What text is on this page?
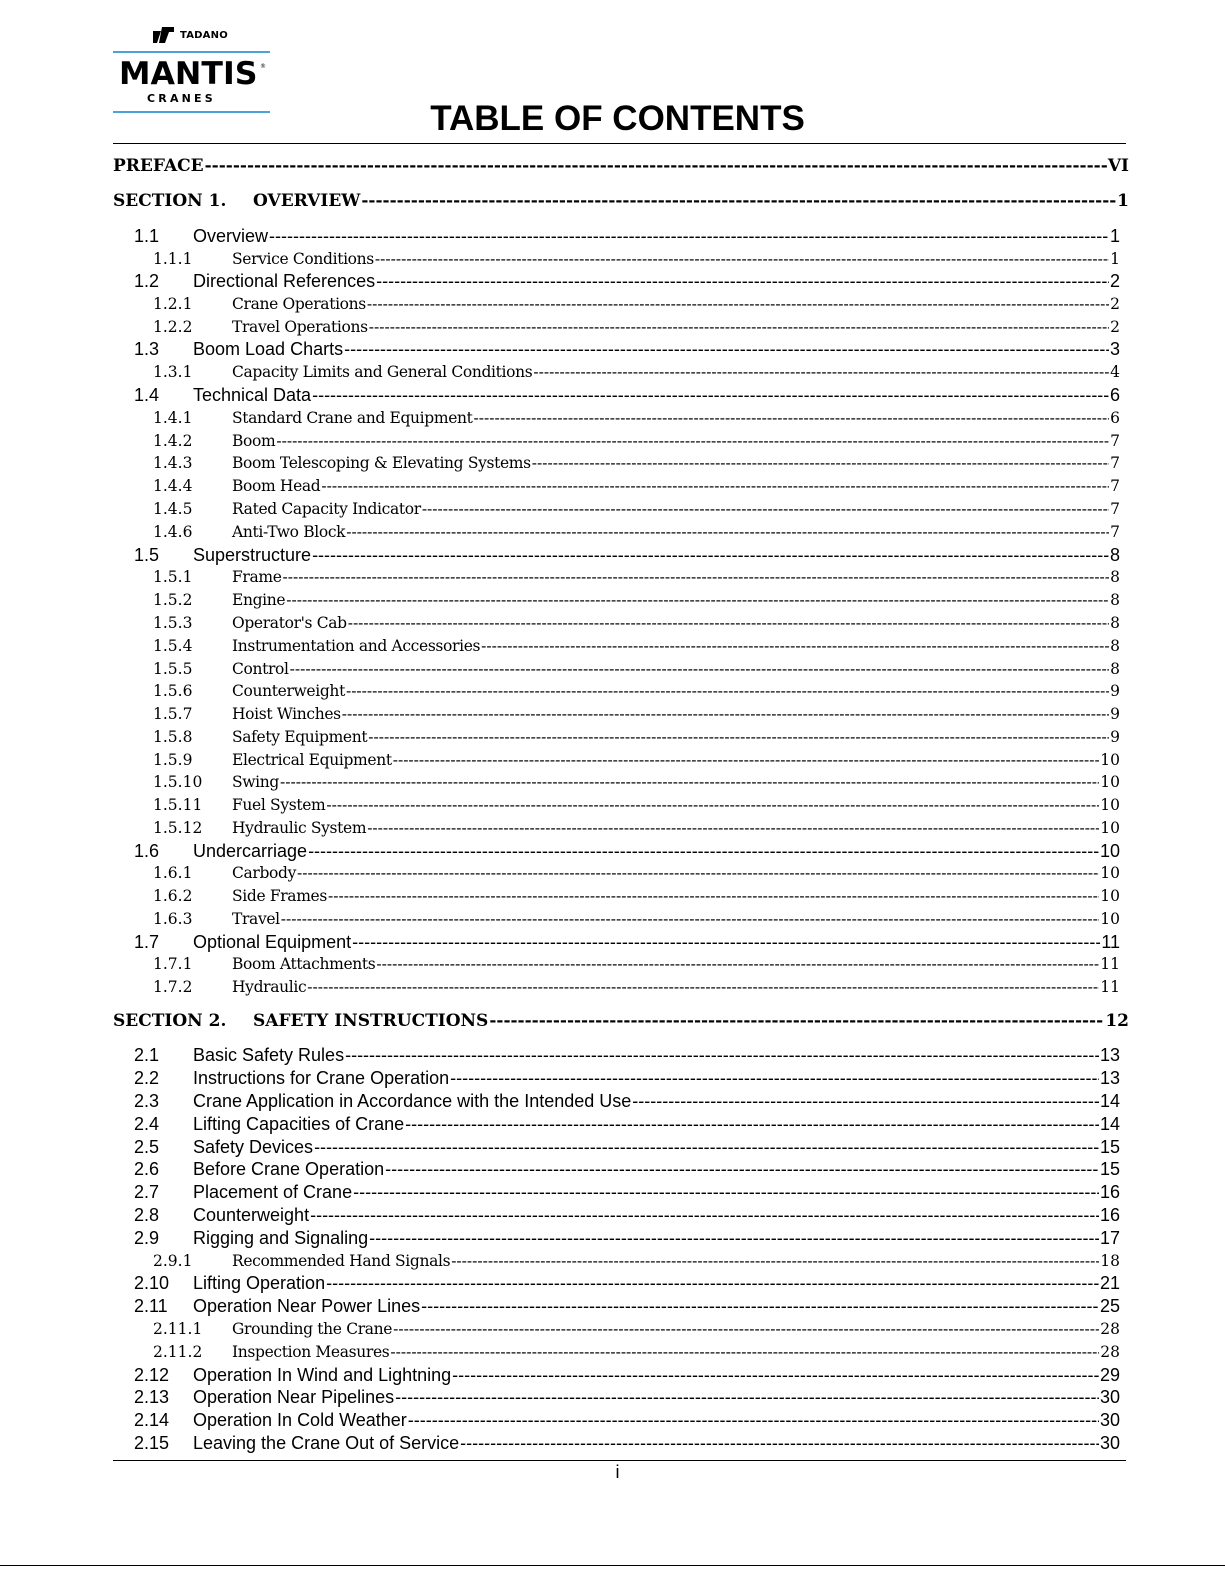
TADANO
MANTIS ®
CRANES
TABLE OF CONTENTS
PREFACE -----	VI
SECTION 1.	OVERVIEW -----	1
1.1	Overview -----	1
1.1.1	Service Conditions -----	1
1.2	Directional References -----	2
1.2.1	Crane Operations -----	2
1.2.2	Travel Operations -----	2
1.3	Boom Load Charts -----	3
1.3.1	Capacity Limits and General Conditions -----	4
1.4	Technical Data -----	6
1.4.1	Standard Crane and Equipment -----	6
1.4.2	Boom -----	7
1.4.3	Boom Telescoping & Elevating Systems -----	7
1.4.4	Boom Head -----	7
1.4.5	Rated Capacity Indicator -----	7
1.4.6	Anti-Two Block -----	7
1.5	Superstructure -----	8
1.5.1	Frame -----	8
1.5.2	Engine -----	8
1.5.3	Operator's Cab -----	8
1.5.4	Instrumentation and Accessories -----	8
1.5.5	Control -----	8
1.5.6	Counterweight -----	9
1.5.7	Hoist Winches -----	9
1.5.8	Safety Equipment -----	9
1.5.9	Electrical Equipment -----	10
1.5.10	Swing -----	10
1.5.11	Fuel System -----	10
1.5.12	Hydraulic System -----	10
1.6	Undercarriage -----	10
1.6.1	Carbody -----	10
1.6.2	Side Frames -----	10
1.6.3	Travel -----	10
1.7	Optional Equipment -----	11
1.7.1	Boom Attachments -----	11
1.7.2	Hydraulic -----	11
SECTION 2.	SAFETY INSTRUCTIONS -----	12
2.1	Basic Safety Rules -----	13
2.2	Instructions for Crane Operation -----	13
2.3	Crane Application in Accordance with the Intended Use -----	14
2.4	Lifting Capacities of Crane -----	14
2.5	Safety Devices -----	15
2.6	Before Crane Operation -----	15
2.7	Placement of Crane -----	16
2.8	Counterweight -----	16
2.9	Rigging and Signaling -----	17
2.9.1	Recommended Hand Signals -----	18
2.10	Lifting Operation -----	21
2.11	Operation Near Power Lines -----	25
2.11.1	Grounding the Crane -----	28
2.11.2	Inspection Measures -----	28
2.12	Operation In Wind and Lightning -----	29
2.13	Operation Near Pipelines -----	30
2.14	Operation In Cold Weather -----	30
2.15	Leaving the Crane Out of Service -----	30
i
